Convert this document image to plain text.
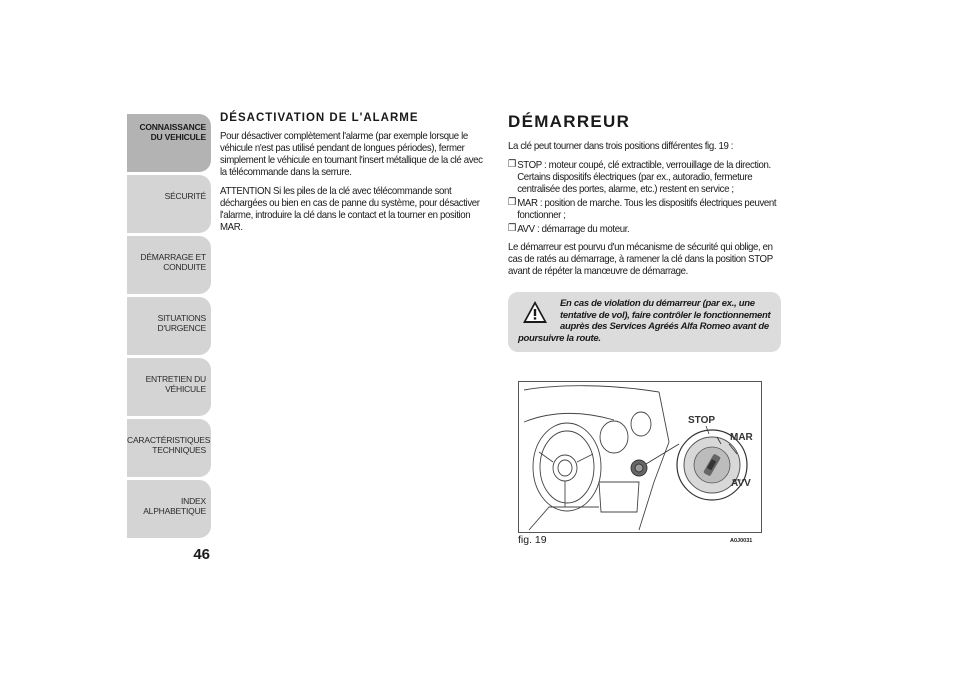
CONNAISSANCE
DU VEHICULE
SÉCURITÉ
DÉMARRAGE ET
CONDUITE
SITUATIONS
D'URGENCE
ENTRETIEN DU
VÉHICULE
CARACTÉRISTIQUES
TECHNIQUES
INDEX
ALPHABETIQUE
46
DÉSACTIVATION DE L'ALARME

Pour désactiver complètement l'alarme (par exemple lorsque le véhicule n'est pas utilisé pendant de longues périodes), fermer simplement le véhicule en tournant l'insert métallique de la clé avec la télécommande dans la serrure.

ATTENTION Si les piles de la clé avec télécommande sont déchargées ou bien en cas de panne du système, pour désactiver l'alarme, introduire la clé dans le contact et la tourner en position MAR.

DÉMARREUR

La clé peut tourner dans trois positions différentes fig. 19 :

❒ STOP : moteur coupé, clé extractible, verrouillage de la direction. Certains dispositifs électriques (par ex., autoradio, fermeture centralisée des portes, alarme, etc.) restent en service ;
❒ MAR : position de marche. Tous les dispositifs électriques peuvent fonctionner ;
❒ AVV : démarrage du moteur.

Le démarreur est pourvu d'un mécanisme de sécurité qui oblige, en cas de ratés au démarrage, à ramener la clé dans la position STOP avant de répéter la manœuvre de démarrage.

En cas de violation du démarreur (par ex., une tentative de vol), faire contrôler le fonctionnement auprès des Services Agréés Alfa Romeo avant de
poursuivre la route.

STOP
MAR
AVV
fig. 19	A0J0031
